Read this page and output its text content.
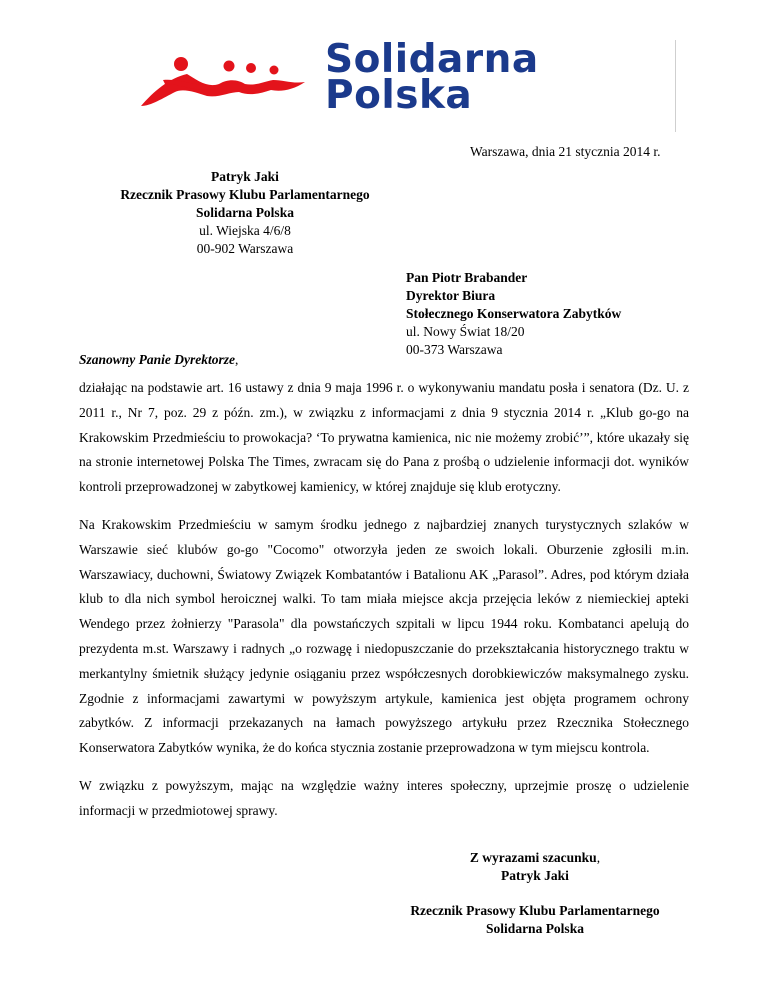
Solidarna
Polska
Warszawa, dnia 21 stycznia 2014 r.
Patryk Jaki
Rzecznik Prasowy Klubu Parlamentarnego
Solidarna Polska
ul. Wiejska 4/6/8
00-902 Warszawa
Pan Piotr Brabander
Dyrektor Biura
Stołecznego Konserwatora Zabytków
ul. Nowy Świat 18/20
00-373 Warszawa
Szanowny Panie Dyrektorze,

działając na podstawie art. 16 ustawy z dnia 9 maja 1996 r. o wykonywaniu mandatu posła i senatora (Dz. U. z 2011 r., Nr 7, poz. 29 z późn. zm.), w związku z informacjami z dnia 9 stycznia 2014 r. „Klub go-go na Krakowskim Przedmieściu to prowokacja? ‘To prywatna kamienica, nic nie możemy zrobić’”, które ukazały się na stronie internetowej Polska The Times, zwracam się do Pana z prośbą o udzielenie informacji dot. wyników kontroli przeprowadzonej w zabytkowej kamienicy, w której znajduje się klub erotyczny.

Na Krakowskim Przedmieściu w samym środku jednego z najbardziej znanych turystycznych szlaków w Warszawie sieć klubów go-go "Cocomo" otworzyła jeden ze swoich lokali. Oburzenie zgłosili m.in. Warszawiacy, duchowni, Światowy Związek Kombatantów i Batalionu AK „Parasol”. Adres, pod którym działa klub to dla nich symbol heroicznej walki. To tam miała miejsce akcja przejęcia leków z niemieckiej apteki Wendego przez żołnierzy "Parasola" dla powstańczych szpitali w lipcu 1944 roku. Kombatanci apelują do prezydenta m.st. Warszawy i radnych „o rozwagę i niedopuszczanie do przekształcania historycznego traktu w merkantylny śmietnik służący jedynie osiąganiu przez współczesnych dorobkiewiczów maksymalnego zysku. Zgodnie z informacjami zawartymi w powyższym artykule, kamienica jest objęta programem ochrony zabytków. Z informacji przekazanych na łamach powyższego artykułu przez Rzecznika Stołecznego Konserwatora Zabytków wynika, że do końca stycznia zostanie przeprowadzona w tym miejscu kontrola.

W związku z powyższym, mając na względzie ważny interes społeczny, uprzejmie proszę o udzielenie informacji w przedmiotowej sprawy.

Z wyrazami szacunku,
Patryk Jaki
Rzecznik Prasowy Klubu Parlamentarnego
Solidarna Polska
